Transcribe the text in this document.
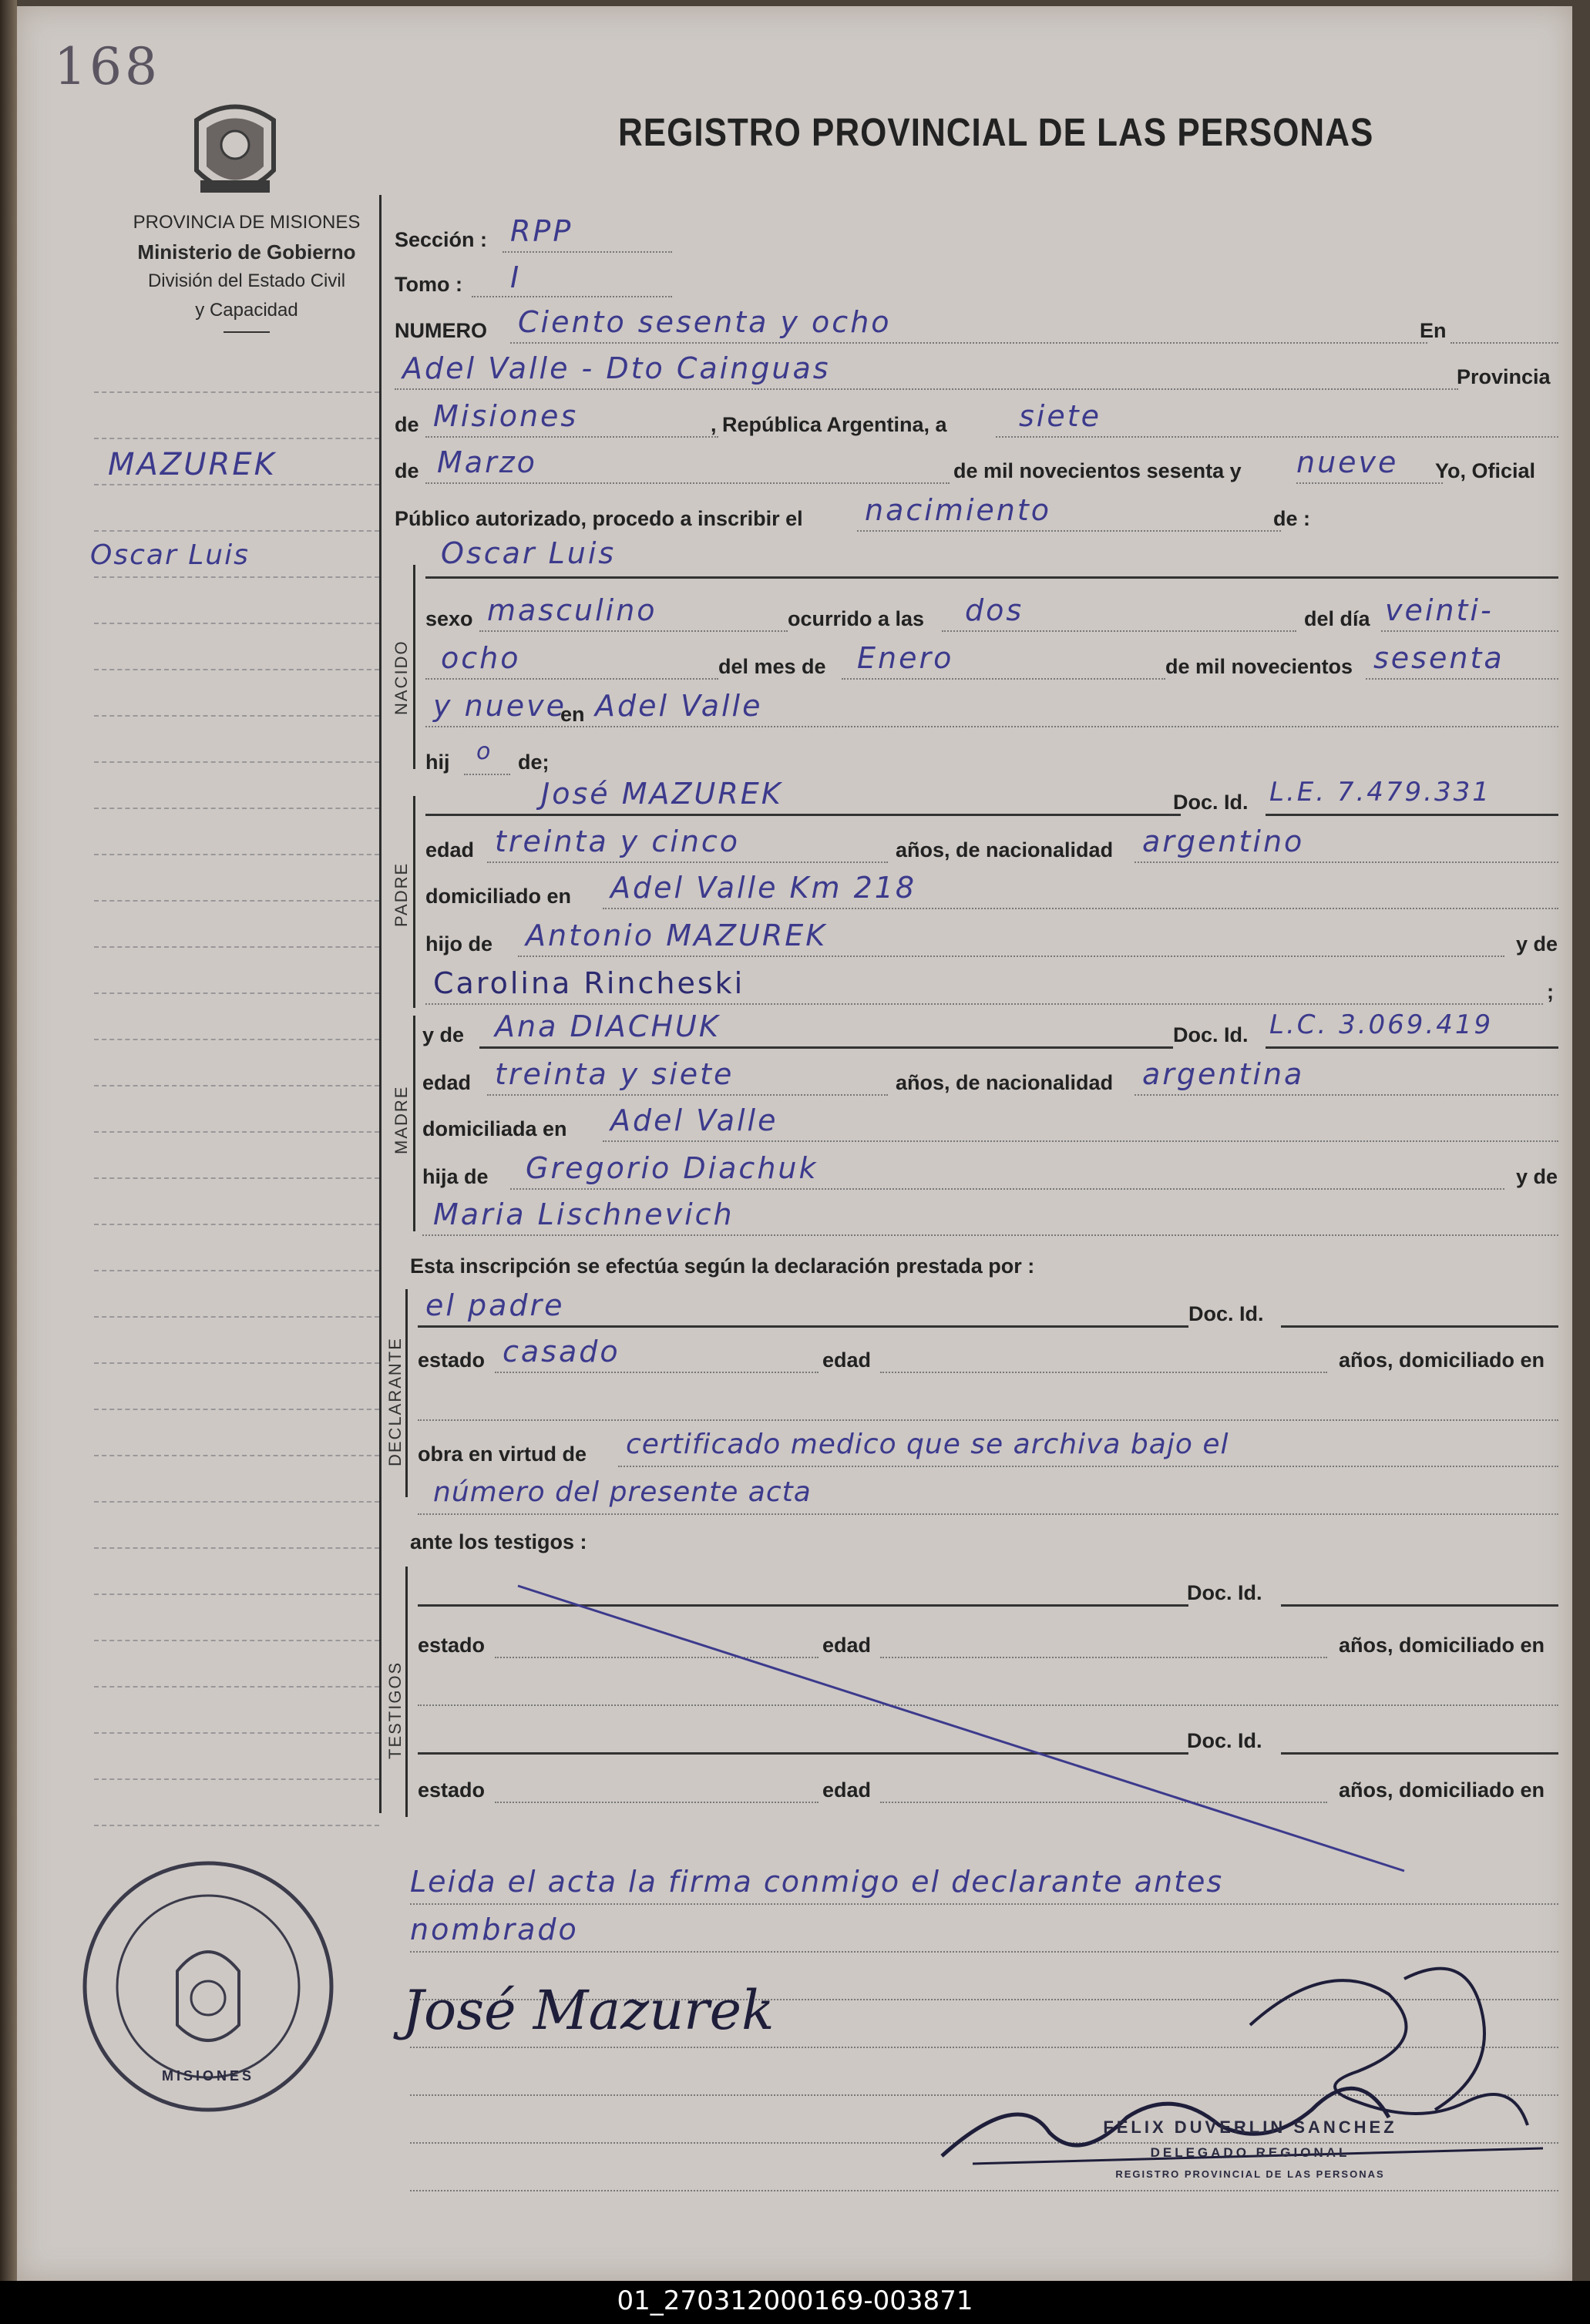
168
REGISTRO PROVINCIAL DE LAS PERSONAS
PROVINCIA DE MISIONES
Ministerio de Gobierno
División del Estado Civil
y Capacidad
MAZUREK
Oscar Luis
NACIDO
PADRE
MADRE
DECLARANTE
TESTIGOS
Sección : RPP
Tomo : I
NUMERO Ciento sesenta y ocho	En
Adel Valle - Dto Cainguas	Provincia
de Misiones	, República Argentina, a siete
de Marzo	de mil novecientos sesenta y nueve Yo, Oficial
Público autorizado, procedo a inscribir el nacimiento	de :
Oscar Luis
sexo masculino	ocurrido a las dos	del día veinti-
ocho	del mes de Enero	de mil novecientos sesenta
y nueve
en Adel Valle
hij o de;
José MAZUREK	Doc. Id. L.E. 7.479.331
edad treinta y cinco	años, de nacionalidad argentino
domiciliado en Adel Valle Km 218
hijo de Antonio MAZUREK	y de
Carolina Rincheski	;
y de Ana DIACHUK	Doc. Id. L.C. 3.069.419
edad treinta y siete	años, de nacionalidad argentina
domiciliada en Adel Valle
hija de Gregorio Diachuk	y de
Maria Lischnevich
Esta inscripción se efectúa según la declaración prestada por :
el padre	Doc. Id.
estado casado	edad	años, domiciliado en
obra en virtud de certificado medico que se archiva bajo el
número del presente acta
ante los testigos :
Doc. Id.
estado	edad	años, domiciliado en
Doc. Id.
estado	edad	años, domiciliado en
Leida el acta la firma conmigo el declarante antes
nombrado
José Mazurek
MISIONES
FELIX DUVERLIN SANCHEZ
DELEGADO REGIONAL
REGISTRO PROVINCIAL DE LAS PERSONAS
01_270312000169-003871
